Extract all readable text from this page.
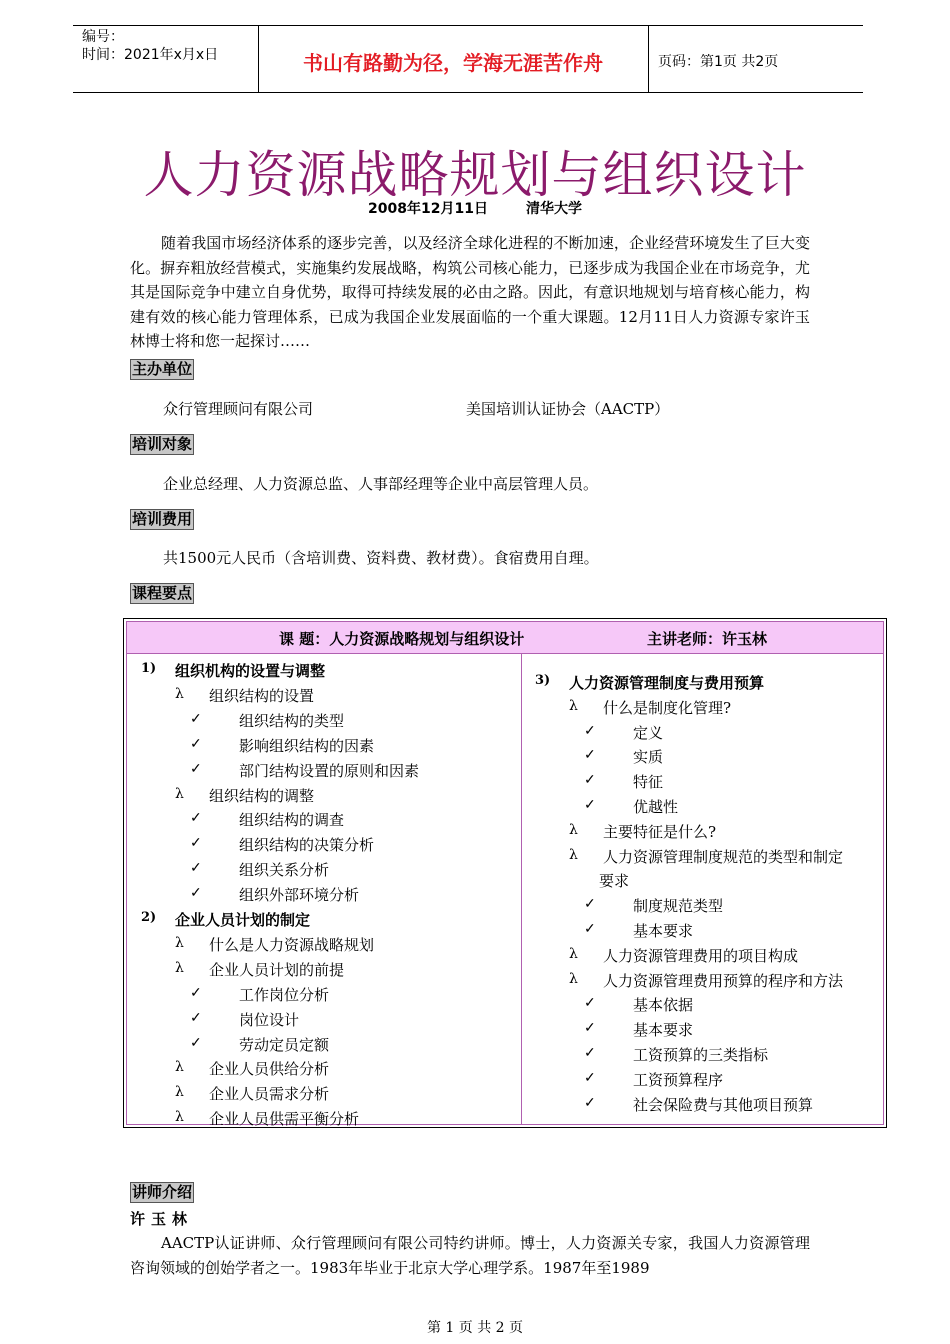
编号：
时间：2021年x月x日	书山有路勤为径，学海无涯苦作舟	页码：第1页 共2页
人力资源战略规划与组织设计
2008年12月11日	清华大学
随着我国市场经济体系的逐步完善，以及经济全球化进程的不断加速，企业经营环境发生了巨大变化。摒弃粗放经营模式，实施集约发展战略，构筑公司核心能力，已逐步成为我国企业在市场竞争，尤其是国际竞争中建立自身优势，取得可持续发展的必由之路。因此，有意识地规划与培育核心能力，构建有效的核心能力管理体系，已成为我国企业发展面临的一个重大课题。12月11日人力资源专家许玉林博士将和您一起探讨……
主办单位
众行管理顾问有限公司	美国培训认证协会（AACTP）
培训对象
企业总经理、人力资源总监、人事部经理等企业中高层管理人员。
培训费用
共1500元人民币（含培训费、资料费、教材费）。食宿费用自理。
课程要点
课 题：人力资源战略规划与组织设计	主讲老师：许玉林
1) 组织机构的设置与调整
λ 组织结构的设置
✓ 组织结构的类型
✓ 影响组织结构的因素
✓ 部门结构设置的原则和因素
λ 组织结构的调整
✓ 组织结构的调查
✓ 组织结构的决策分析
✓ 组织关系分析
✓ 组织外部环境分析
2) 企业人员计划的制定
λ 什么是人力资源战略规划
λ 企业人员计划的前提
✓ 工作岗位分析
✓ 岗位设计
✓ 劳动定员定额
λ 企业人员供给分析
λ 企业人员需求分析
λ 企业人员供需平衡分析
3) 人力资源管理制度与费用预算
λ 什么是制度化管理?
✓ 定义
✓ 实质
✓ 特征
✓ 优越性
λ 主要特征是什么?
λ 人力资源管理制度规范的类型和制定
要求
✓ 制度规范类型
✓ 基本要求
λ 人力资源管理费用的项目构成
λ 人力资源管理费用预算的程序和方法
✓ 基本依据
✓ 基本要求
✓ 工资预算的三类指标
✓ 工资预算程序
✓ 社会保险费与其他项目预算
讲师介绍
许玉林
AACTP认证讲师、众行管理顾问有限公司特约讲师。博士，人力资源关专家，我国人力资源管理咨询领域的创始学者之一。1983年毕业于北京大学心理学系。1987年至1989
第 1 页 共 2 页
